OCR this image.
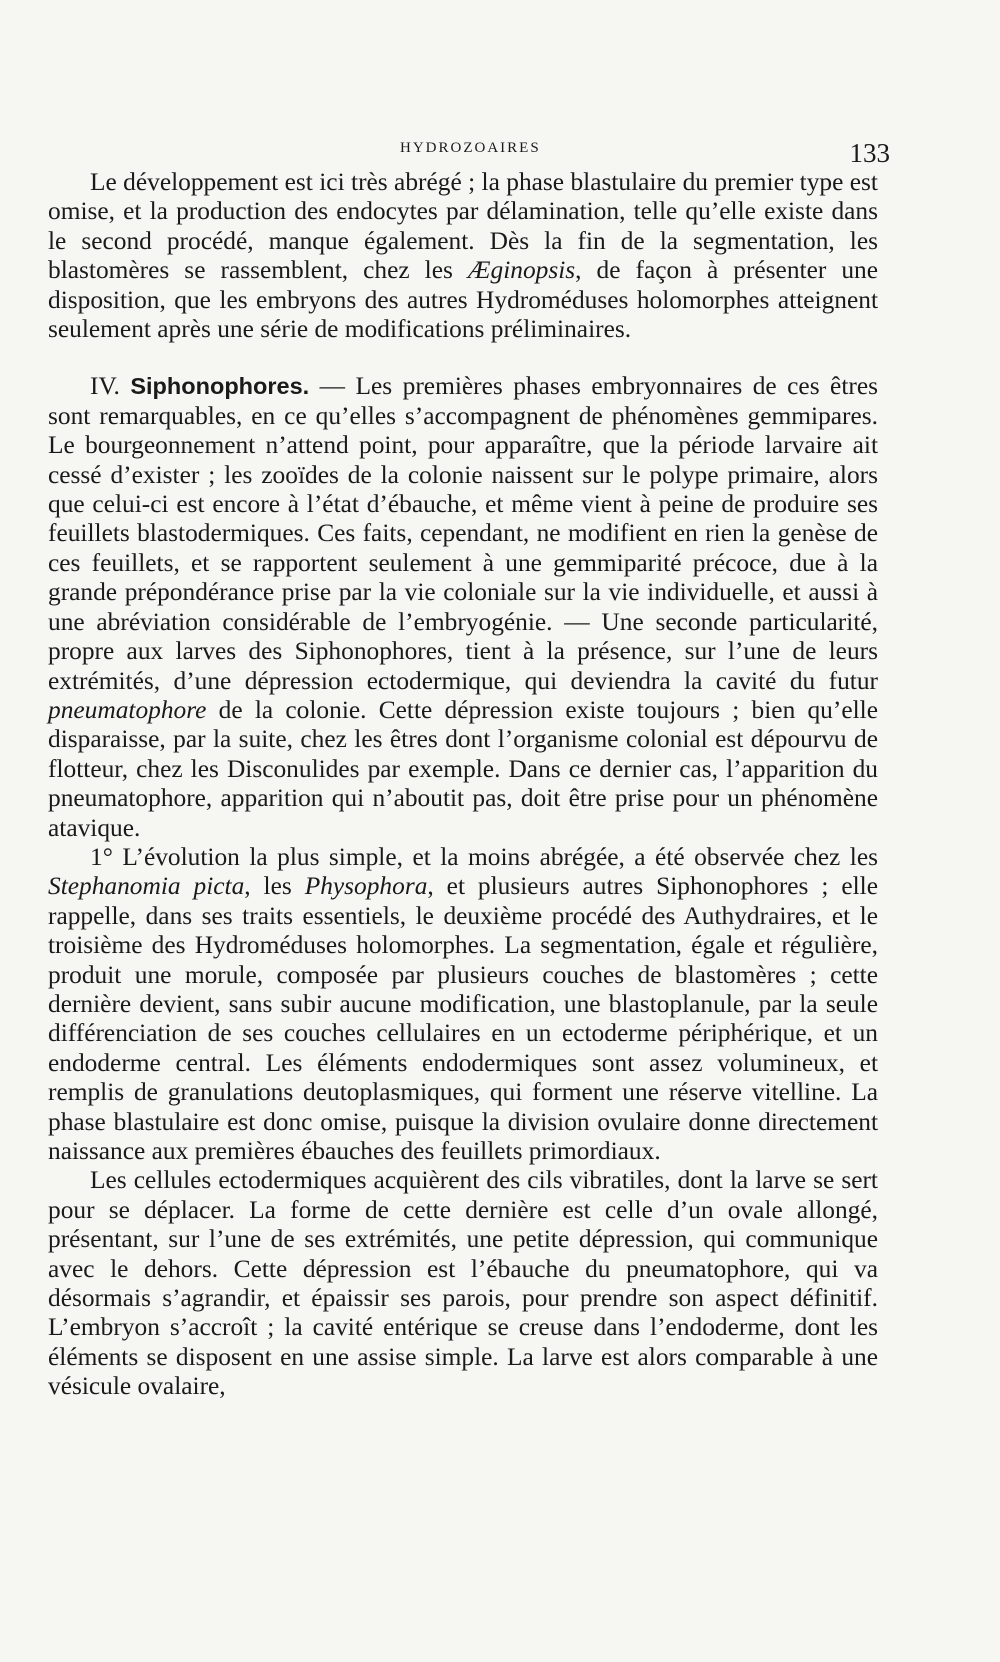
HYDROZOAIRES	133

Le développement est ici très abrégé ; la phase blastulaire du premier type est omise, et la production des endocytes par délamination, telle qu’elle existe dans le second procédé, manque également. Dès la fin de la segmentation, les blastomères se rassemblent, chez les Æginopsis, de façon à présenter une disposition, que les embryons des autres Hydroméduses holomorphes atteignent seulement après une série de modifications préliminaires.

IV. Siphonophores. — Les premières phases embryonnaires de ces êtres sont remarquables, en ce qu’elles s’accompagnent de phénomènes gemmipares. Le bourgeonnement n’attend point, pour apparaître, que la période larvaire ait cessé d’exister ; les zooïdes de la colonie naissent sur le polype primaire, alors que celui-ci est encore à l’état d’ébauche, et même vient à peine de produire ses feuillets blastodermiques. Ces faits, cependant, ne modifient en rien la genèse de ces feuillets, et se rapportent seulement à une gemmiparité précoce, due à la grande prépondérance prise par la vie coloniale sur la vie individuelle, et aussi à une abréviation considérable de l’embryogénie. — Une seconde particularité, propre aux larves des Siphonophores, tient à la présence, sur l’une de leurs extrémités, d’une dépression ectodermique, qui deviendra la cavité du futur pneumatophore de la colonie. Cette dépression existe toujours ; bien qu’elle disparaisse, par la suite, chez les êtres dont l’organisme colonial est dépourvu de flotteur, chez les Disconulides par exemple. Dans ce dernier cas, l’apparition du pneumatophore, apparition qui n’aboutit pas, doit être prise pour un phénomène atavique.

1° L’évolution la plus simple, et la moins abrégée, a été observée chez les Stephanomia picta, les Physophora, et plusieurs autres Siphonophores ; elle rappelle, dans ses traits essentiels, le deuxième procédé des Authydraires, et le troisième des Hydroméduses holomorphes. La segmentation, égale et régulière, produit une morule, composée par plusieurs couches de blastomères ; cette dernière devient, sans subir aucune modification, une blastoplanule, par la seule différenciation de ses couches cellulaires en un ectoderme périphérique, et un endoderme central. Les éléments endodermiques sont assez volumineux, et remplis de granulations deutoplasmiques, qui forment une réserve vitelline. La phase blastulaire est donc omise, puisque la division ovulaire donne directement naissance aux premières ébauches des feuillets primordiaux.

Les cellules ectodermiques acquièrent des cils vibratiles, dont la larve se sert pour se déplacer. La forme de cette dernière est celle d’un ovale allongé, présentant, sur l’une de ses extrémités, une petite dépression, qui communique avec le dehors. Cette dépression est l’ébauche du pneumatophore, qui va désormais s’agrandir, et épaissir ses parois, pour prendre son aspect définitif. L’embryon s’accroît ; la cavité entérique se creuse dans l’endoderme, dont les éléments se disposent en une assise simple. La larve est alors comparable à une vésicule ovalaire,
